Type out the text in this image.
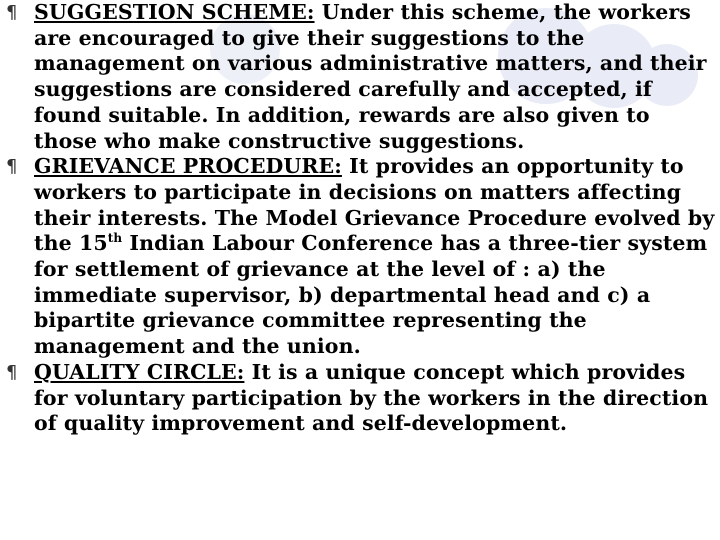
¶ SUGGESTION SCHEME: Under this scheme, the workers are encouraged to give their suggestions to the management on various administrative matters, and their suggestions are considered carefully and accepted, if found suitable. In addition, rewards are also given to those who make constructive suggestions.

¶ GRIEVANCE PROCEDURE: It provides an opportunity to workers to participate in decisions on matters affecting their interests. The Model Grievance Procedure evolved by the 15th Indian Labour Conference has a three-tier system for settlement of grievance at the level of : a) the immediate supervisor, b) departmental head and c) a bipartite grievance committee representing the management and the union.

¶ QUALITY CIRCLE: It is a unique concept which provides for voluntary participation by the workers in the direction of quality improvement and self-development.
